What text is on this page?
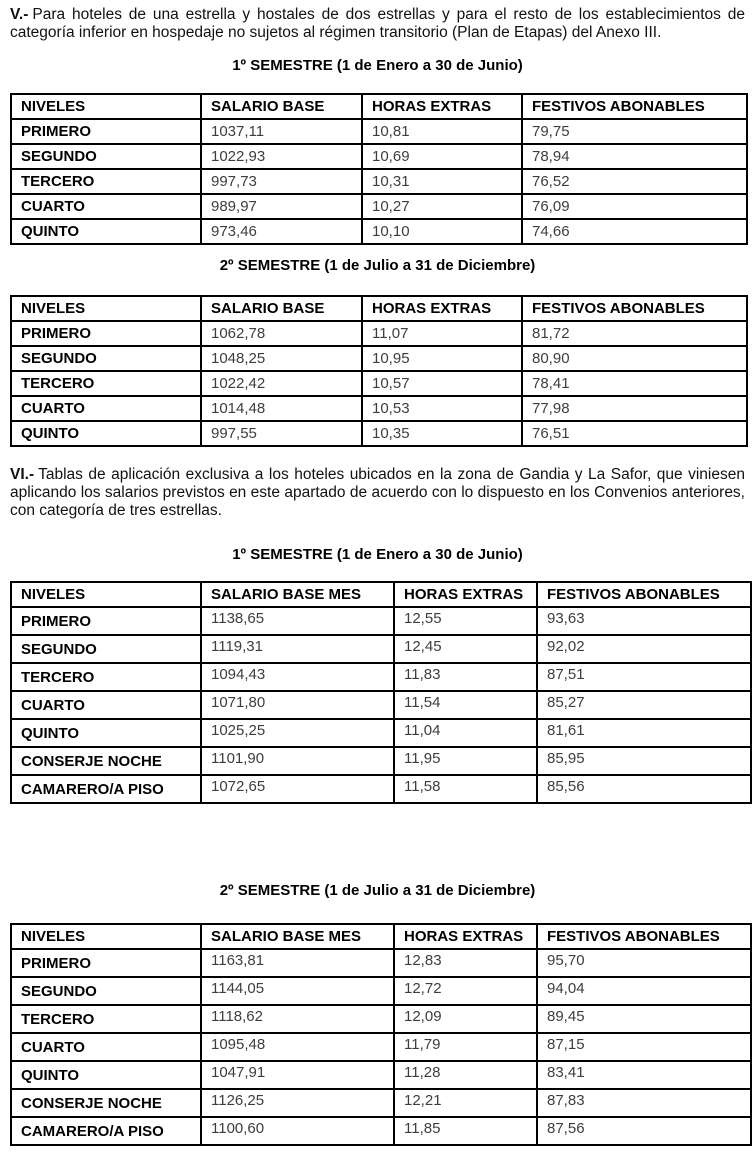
V.- Para hoteles de una estrella y hostales de dos estrellas y para el resto de los establecimientos de categoría inferior en hospedaje no sujetos al régimen transitorio (Plan de Etapas) del Anexo III.

1º SEMESTRE (1 de Enero a 30 de Junio)
NIVELES	SALARIO BASE	HORAS EXTRAS	FESTIVOS ABONABLES
PRIMERO	1037,11	10,81	79,75
SEGUNDO	1022,93	10,69	78,94
TERCERO	997,73	10,31	76,52
CUARTO	989,97	10,27	76,09
QUINTO	973,46	10,10	74,66
2º SEMESTRE (1 de Julio a 31 de Diciembre)
NIVELES	SALARIO BASE	HORAS EXTRAS	FESTIVOS ABONABLES
PRIMERO	1062,78	11,07	81,72
SEGUNDO	1048,25	10,95	80,90
TERCERO	1022,42	10,57	78,41
CUARTO	1014,48	10,53	77,98
QUINTO	997,55	10,35	76,51

VI.- Tablas de aplicación exclusiva a los hoteles ubicados en la zona de Gandia y La Safor, que viniesen aplicando los salarios previstos en este apartado de acuerdo con lo dispuesto en los Convenios anteriores, con categoría de tres estrellas.

1º SEMESTRE (1 de Enero a 30 de Junio)
NIVELES	SALARIO BASE MES	HORAS EXTRAS	FESTIVOS ABONABLES
PRIMERO	1138,65	12,55	93,63
SEGUNDO	1119,31	12,45	92,02
TERCERO	1094,43	11,83	87,51
CUARTO	1071,80	11,54	85,27
QUINTO	1025,25	11,04	81,61
CONSERJE NOCHE	1101,90	11,95	85,95
CAMARERO/A PISO	1072,65	11,58	85,56
2º SEMESTRE (1 de Julio a 31 de Diciembre)
NIVELES	SALARIO BASE MES	HORAS EXTRAS	FESTIVOS ABONABLES
PRIMERO	1163,81	12,83	95,70
SEGUNDO	1144,05	12,72	94,04
TERCERO	1118,62	12,09	89,45
CUARTO	1095,48	11,79	87,15
QUINTO	1047,91	11,28	83,41
CONSERJE NOCHE	1126,25	12,21	87,83
CAMARERO/A PISO	1100,60	11,85	87,56
